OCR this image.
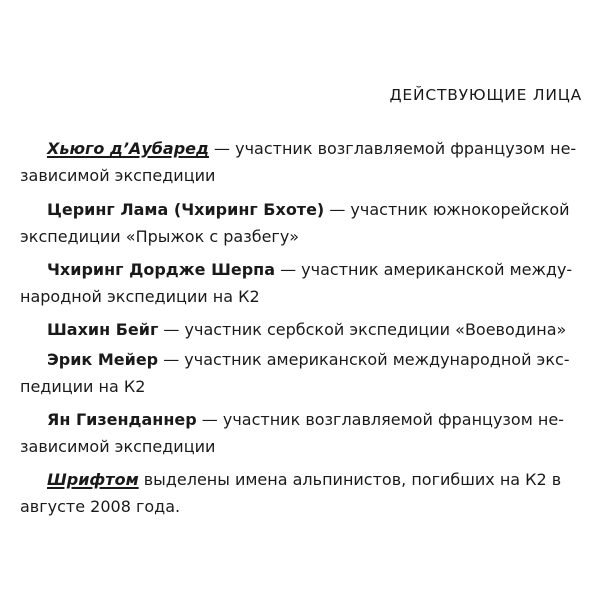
ДЕЙСТВУЮЩИЕ ЛИЦА
Хьюго д’Аубаред — участник возглавляемой французом не-
зависимой экспедиции
Церинг Лама (Чхиринг Бхоте) — участник южнокорейской
экспедиции «Прыжок с разбегу»
Чхиринг Дордже Шерпа — участник американской между-
народной экспедиции на К2
Шахин Бейг — участник сербской экспедиции «Воеводина»
Эрик Мейер — участник американской международной экс-
педиции на К2
Ян Гизенданнер — участник возглавляемой французом не-
зависимой экспедиции
Шрифтом выделены имена альпинистов, погибших на К2 в
августе 2008 года.
